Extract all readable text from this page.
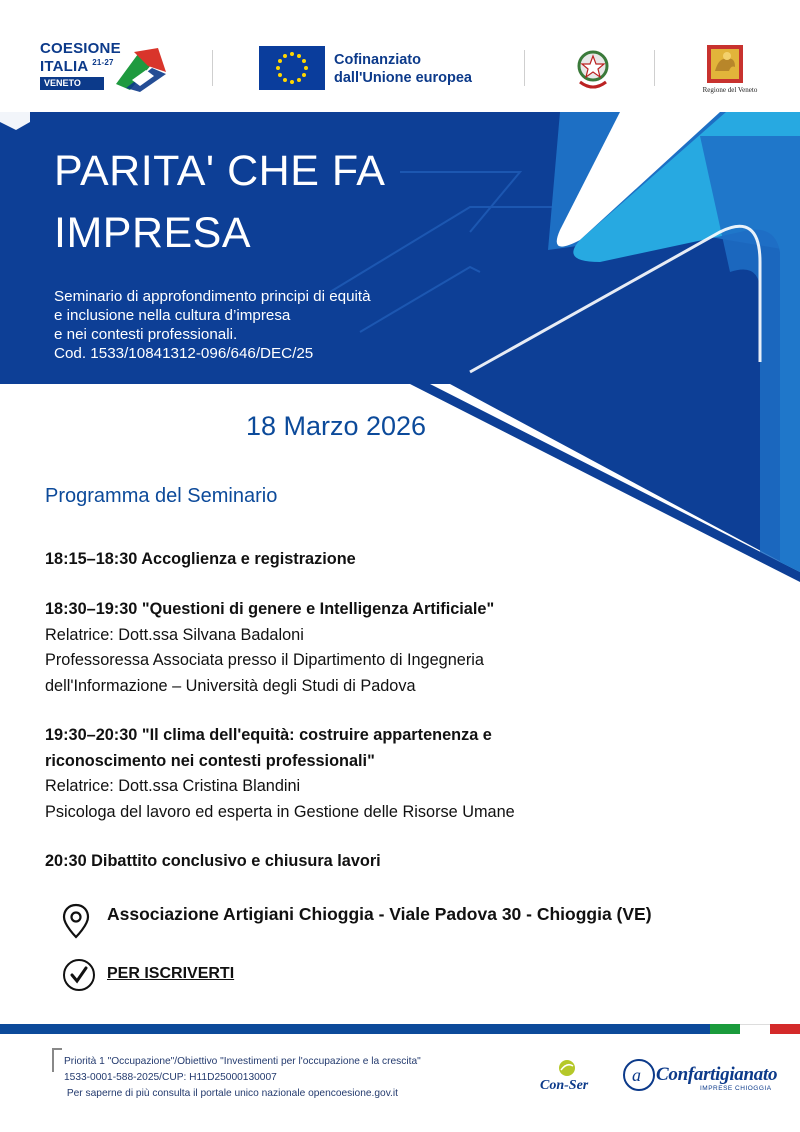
COESIONE
ITALIA $^{21-27}$
VENETO
Cofinanziato
dall'Unione europea
Regione del Veneto
PARITA' CHE FA
IMPRESA
Seminario di approfondimento principi di equità
e inclusione nella cultura d’impresa
e nei contesti professionali.
Cod. 1533/10841312-096/646/DEC/25
18 Marzo 2026
Programma del Seminario
18:15–18:30 Accoglienza e registrazione
18:30–19:30 "Questioni di genere e Intelligenza Artificiale"
Relatrice: Dott.ssa Silvana Badaloni
Professoressa Associata presso il Dipartimento di Ingegneria
dell'Informazione – Università degli Studi di Padova
19:30–20:30 "Il clima dell'equità: costruire appartenenza e
riconoscimento nei contesti professionali"
Relatrice: Dott.ssa Cristina Blandini
Psicologa del lavoro ed esperta in Gestione delle Risorse Umane
20:30 Dibattito conclusivo e chiusura lavori
Associazione Artigiani Chioggia - Viale Padova 30 - Chioggia (VE)
PER ISCRIVERTI
Priorità 1 "Occupazione"/Obiettivo "Investimenti per l'occupazione e la crescita"
1533-0001-588-2025/CUP: H11D25000130007
Per saperne di più consulta il portale unico nazionale opencoesione.gov.it
Con-Ser
a Confartigianato
IMPRESE CHIOGGIA
